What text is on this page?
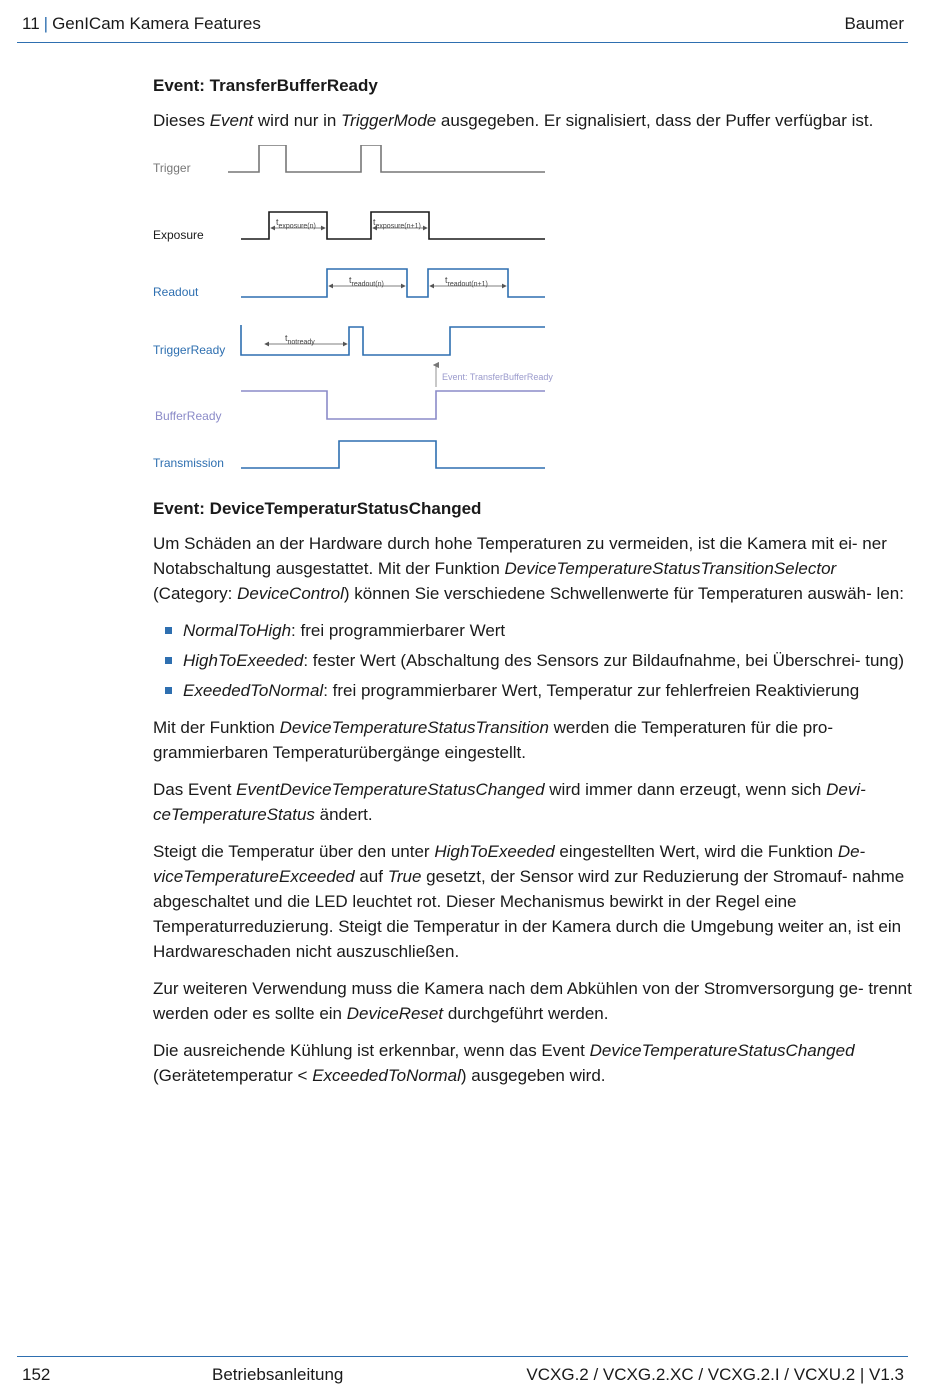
11 | GenICam Kamera Features	Baumer
Event: TransferBufferReady

Dieses Event wird nur in TriggerMode ausgegeben. Er signalisiert, dass der Puffer verfügbar ist.

Trigger
Exposure
Readout
TriggerReady
BufferReady
Transmission
$t_{exposure(n)}$	$t_{exposure(n+1)}$
$t_{readout(n)}$	$t_{readout(n+1)}$
$t_{notready}$
Event: TransferBufferReady
Event: DeviceTemperaturStatusChanged

Um Schäden an der Hardware durch hohe Temperaturen zu vermeiden, ist die Kamera mit ei- ner Notabschaltung ausgestattet. Mit der Funktion DeviceTemperatureStatusTransitionSelector (Category: DeviceControl) können Sie verschiedene Schwellenwerte für Temperaturen auswäh- len:

NormalToHigh: frei programmierbarer Wert
HighToExeeded: fester Wert (Abschaltung des Sensors zur Bildaufnahme, bei Überschrei- tung)
ExeededToNormal: frei programmierbarer Wert, Temperatur zur fehlerfreien Reaktivierung

Mit der Funktion DeviceTemperatureStatusTransition werden die Temperaturen für die pro- grammierbaren Temperaturübergänge eingestellt.

Das Event EventDeviceTemperatureStatusChanged wird immer dann erzeugt, wenn sich Devi- ceTemperatureStatus ändert.

Steigt die Temperatur über den unter HighToExeeded eingestellten Wert, wird die Funktion De- viceTemperatureExceeded auf True gesetzt, der Sensor wird zur Reduzierung der Stromauf- nahme abgeschaltet und die LED leuchtet rot. Dieser Mechanismus bewirkt in der Regel eine Temperaturreduzierung. Steigt die Temperatur in der Kamera durch die Umgebung weiter an, ist ein Hardwareschaden nicht auszuschließen.

Zur weiteren Verwendung muss die Kamera nach dem Abkühlen von der Stromversorgung ge- trennt werden oder es sollte ein DeviceReset durchgeführt werden.

Die ausreichende Kühlung ist erkennbar, wenn das Event DeviceTemperatureStatusChanged (Gerätetemperatur < ExceededToNormal) ausgegeben wird.

152	Betriebsanleitung	VCXG.2 / VCXG.2.XC / VCXG.2.I / VCXU.2 | V1.3
